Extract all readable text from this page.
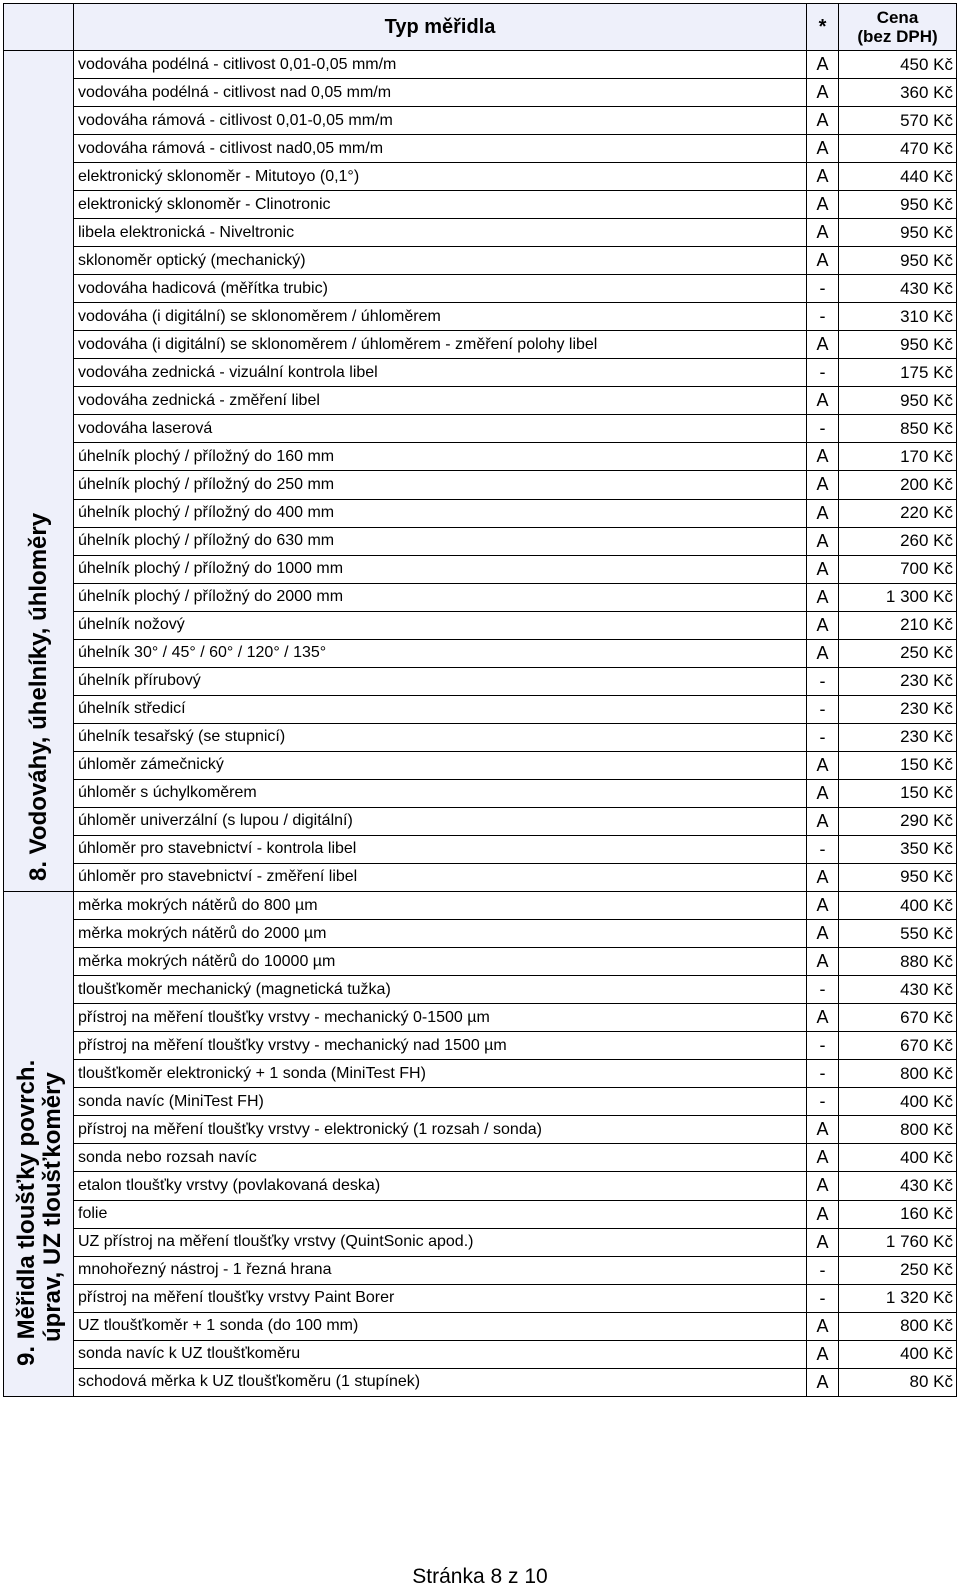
	Typ měřidla	*	Cena
(bez DPH)

8. Vodováhy, úhelníky, úhloměry	vodováha podélná - citlivost 0,01-0,05 mm/m	A	450 Kč
	vodováha podélná - citlivost nad 0,05 mm/m	A	360 Kč
	vodováha rámová - citlivost 0,01-0,05 mm/m	A	570 Kč
	vodováha rámová - citlivost nad0,05 mm/m	A	470 Kč
	elektronický sklonoměr - Mitutoyo (0,1°)	A	440 Kč
	elektronický sklonoměr - Clinotronic	A	950 Kč
	libela elektronická - Niveltronic	A	950 Kč
	sklonoměr optický (mechanický)	A	950 Kč
	vodováha hadicová (měřítka trubic)	-	430 Kč
	vodováha (i digitální) se sklonoměrem / úhloměrem	-	310 Kč
	vodováha (i digitální) se sklonoměrem / úhloměrem - změření polohy libel	A	950 Kč
	vodováha zednická - vizuální kontrola libel	-	175 Kč
	vodováha zednická - změření libel	A	950 Kč
	vodováha laserová	-	850 Kč
	úhelník plochý / příložný do 160 mm	A	170 Kč
	úhelník plochý / příložný do 250 mm	A	200 Kč
	úhelník plochý / příložný do 400 mm	A	220 Kč
	úhelník plochý / příložný do 630 mm	A	260 Kč
	úhelník plochý / příložný do 1000 mm	A	700 Kč
	úhelník plochý / příložný do 2000 mm	A	1 300 Kč
	úhelník nožový	A	210 Kč
	úhelník 30° / 45° / 60° / 120° / 135°	A	250 Kč
	úhelník přírubový	-	230 Kč
	úhelník středicí	-	230 Kč
	úhelník tesařský (se stupnicí)	-	230 Kč
	úhloměr zámečnický	A	150 Kč
	úhloměr s úchylkoměrem	A	150 Kč
	úhloměr univerzální (s lupou / digitální)	A	290 Kč
	úhloměr pro stavebnictví - kontrola libel	-	350 Kč
	úhloměr pro stavebnictví - změření libel	A	950 Kč

9. Měřidla tloušťky povrch. úprav, UZ tloušťkoměry	měrka mokrých nátěrů do 800 µm	A	400 Kč
	měrka mokrých nátěrů do 2000 µm	A	550 Kč
	měrka mokrých nátěrů do 10000 µm	A	880 Kč
	tloušťkoměr mechanický (magnetická tužka)	-	430 Kč
	přístroj na měření tloušťky vrstvy - mechanický 0-1500 µm	A	670 Kč
	přístroj na měření tloušťky vrstvy - mechanický nad 1500 µm	-	670 Kč
	tloušťkoměr elektronický + 1 sonda (MiniTest FH)	-	800 Kč
	sonda navíc (MiniTest FH)	-	400 Kč
	přístroj na měření tloušťky vrstvy - elektronický (1 rozsah / sonda)	A	800 Kč
	sonda nebo rozsah navíc	A	400 Kč
	etalon tloušťky vrstvy (povlakovaná deska)	A	430 Kč
	folie	A	160 Kč
	UZ přístroj na měření tloušťky vrstvy (QuintSonic apod.)	A	1 760 Kč
	mnohořezný nástroj - 1 řezná hrana	-	250 Kč
	přístroj na měření tloušťky vrstvy Paint Borer	-	1 320 Kč
	UZ tloušťkoměr + 1 sonda (do 100 mm)	A	800 Kč
	sonda navíc k UZ tloušťkoměru	A	400 Kč
	schodová měrka k UZ tloušťkoměru (1 stupínek)	A	80 Kč
Stránka 8 z 10
